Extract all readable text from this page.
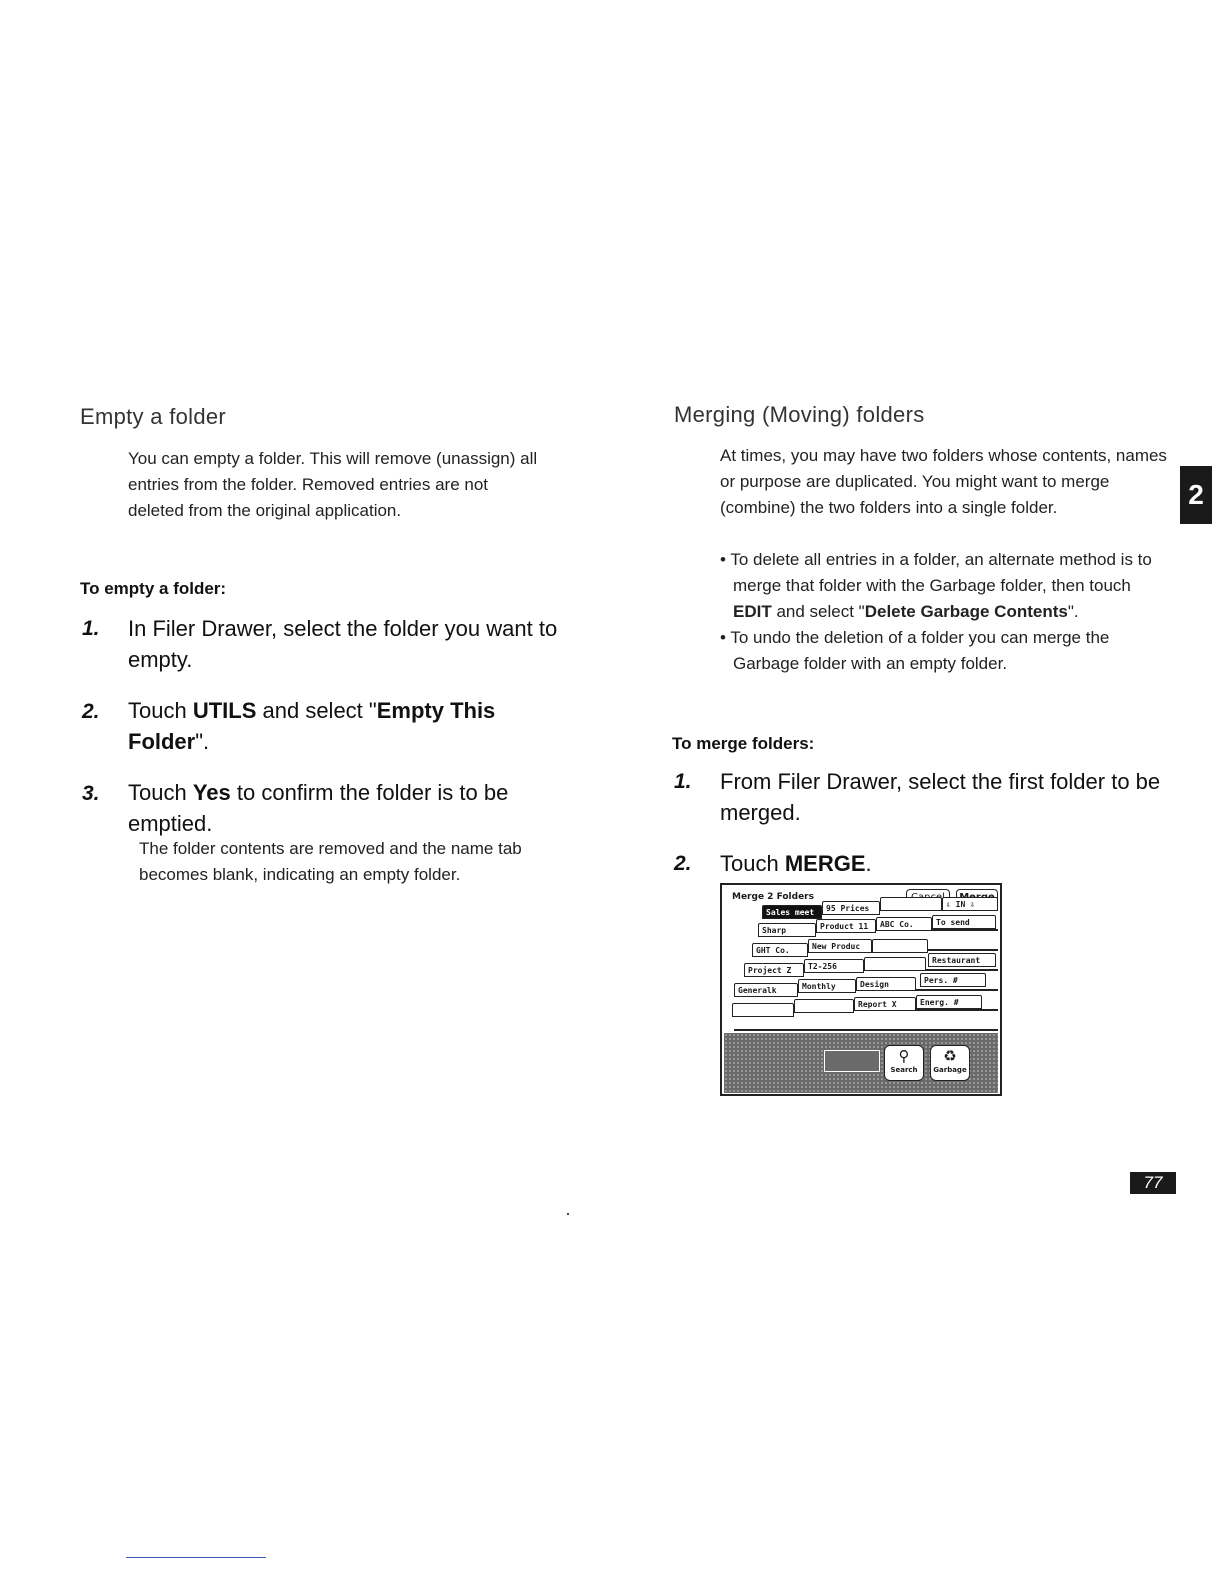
Empty a folder

You can empty a folder. This will remove (unassign) all entries from the folder. Removed entries are not deleted from the original application.

To empty a folder:

1. In Filer Drawer, select the folder you want to empty.
2. Touch UTILS and select "Empty This Folder".
3. Touch Yes to confirm the folder is to be emptied.
The folder contents are removed and the name tab becomes blank, indicating an empty folder.
Merging (Moving) folders

At times, you may have two folders whose contents, names or purpose are duplicated. You might want to merge (combine) the two folders into a single folder.

• To delete all entries in a folder, an alternate method is to merge that folder with the Garbage folder, then touch EDIT and select "Delete Garbage Contents".
• To undo the deletion of a folder you can merge the Garbage folder with an empty folder.

To merge folders:

1. From Filer Drawer, select the first folder to be merged.
2. Touch MERGE.
Merge 2 Folders
⇩ IN ⇩
Sales meet	95 Prices
Sharp	Product 11	ABC Co.	To send
GHT Co.	New Produc
Restaurant
Project Z	T2-256
Pers. #
Generalk	Monthly	Design
Report X	Energ. #
⚲
Search
♻
Garbage
2
77
